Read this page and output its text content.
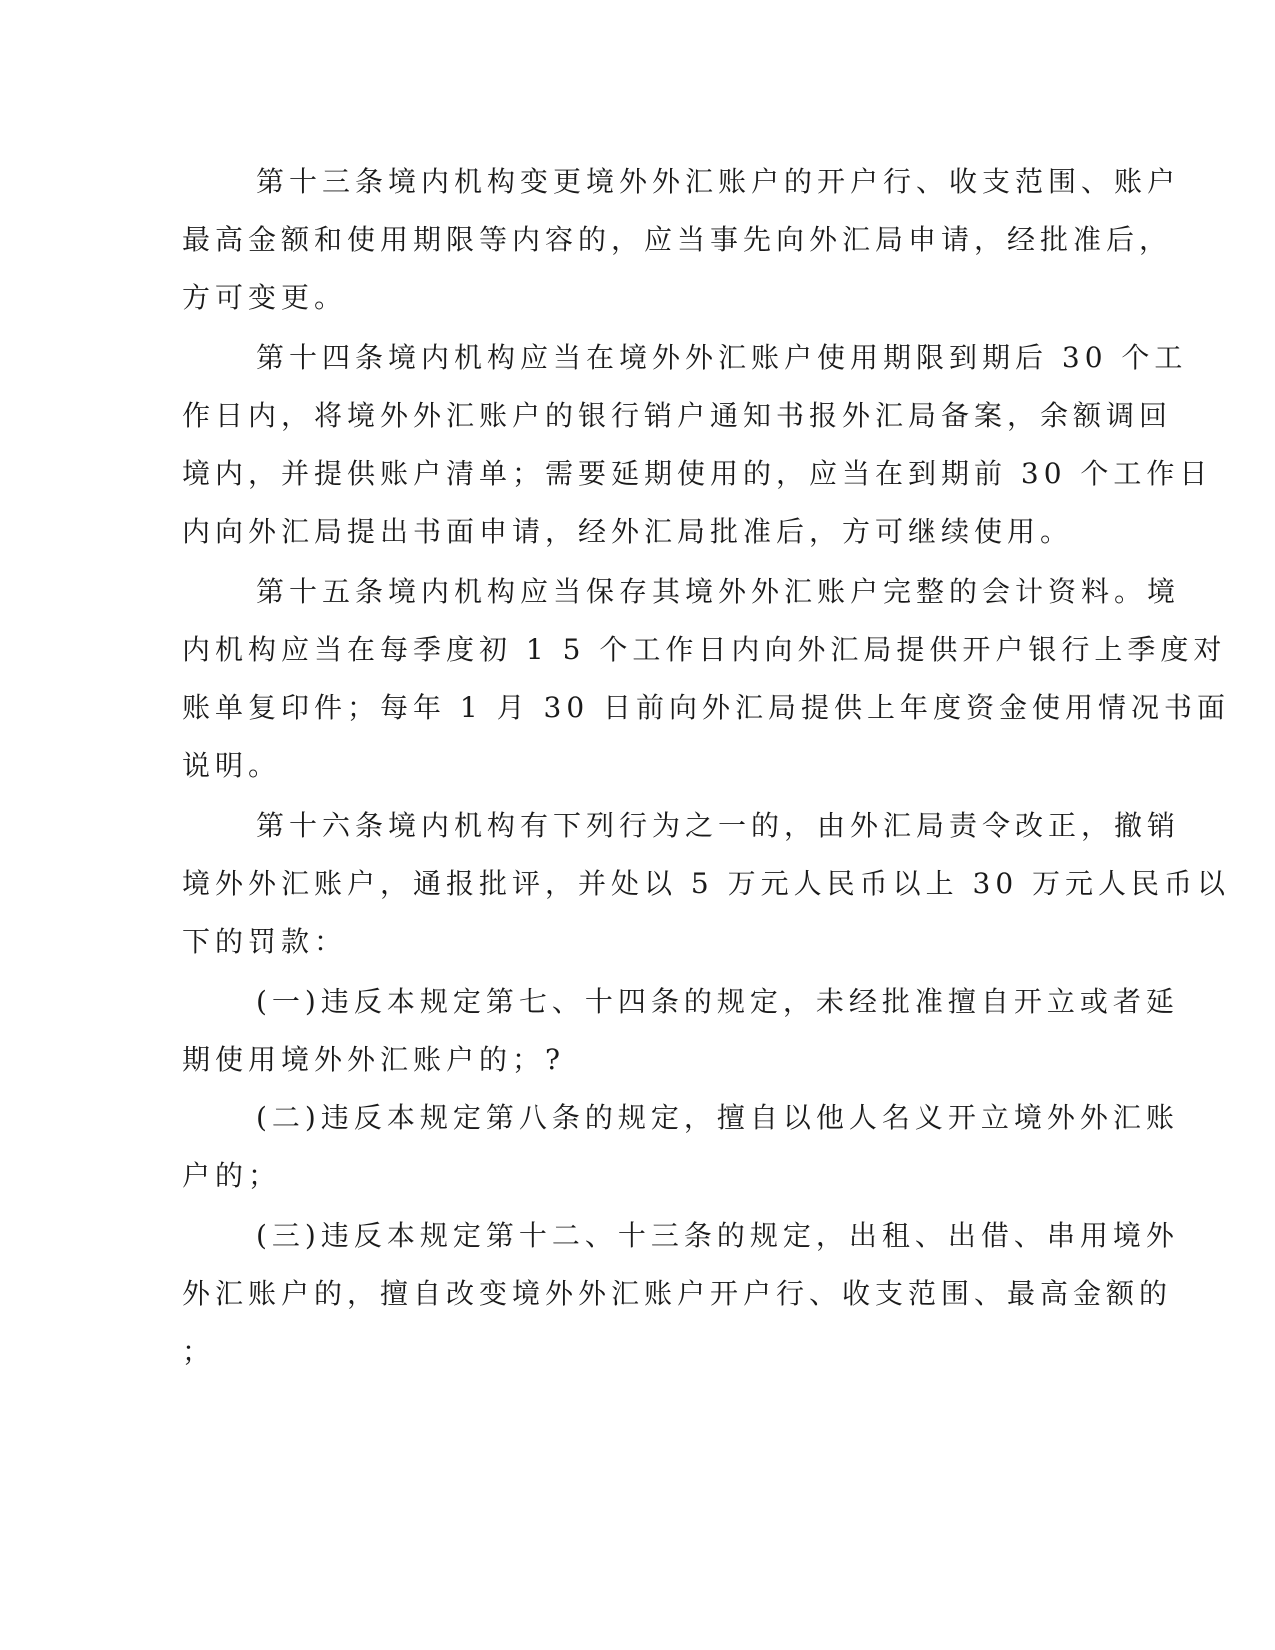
第十三条境内机构变更境外外汇账户的开户行、收支范围、账户

最高金额和使用期限等内容的，应当事先向外汇局申请，经批准后，

方可变更。

第十四条境内机构应当在境外外汇账户使用期限到期后 30 个工

作日内，将境外外汇账户的银行销户通知书报外汇局备案，余额调回

境内，并提供账户清单；需要延期使用的，应当在到期前 30 个工作日

内向外汇局提出书面申请，经外汇局批准后，方可继续使用。

第十五条境内机构应当保存其境外外汇账户完整的会计资料。境

内机构应当在每季度初 1 5 个工作日内向外汇局提供开户银行上季度对

账单复印件；每年 1 月 30 日前向外汇局提供上年度资金使用情况书面

说明。

第十六条境内机构有下列行为之一的，由外汇局责令改正，撤销

境外外汇账户，通报批评，并处以 5 万元人民币以上 30 万元人民币以

下的罚款：

(一)违反本规定第七、十四条的规定，未经批准擅自开立或者延

期使用境外外汇账户的；?

(二)违反本规定第八条的规定，擅自以他人名义开立境外外汇账

户的；

(三)违反本规定第十二、十三条的规定，出租、出借、串用境外

外汇账户的，擅自改变境外外汇账户开户行、收支范围、最高金额的

；
